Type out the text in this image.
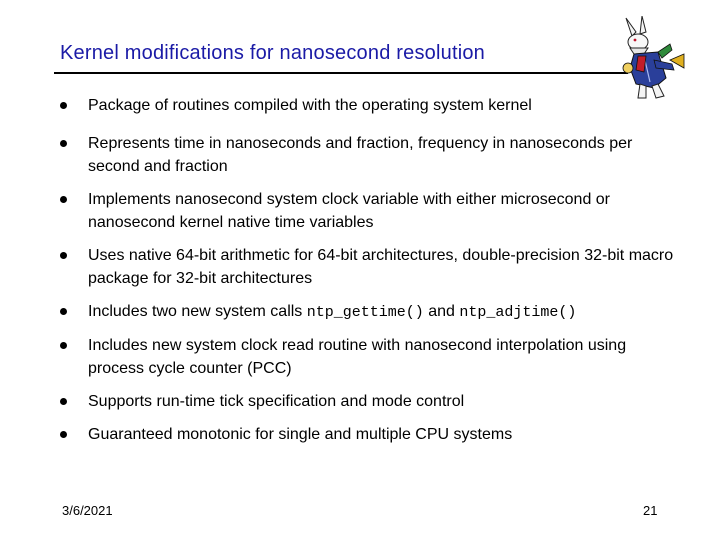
Kernel modifications for nanosecond resolution
Package of routines compiled with the operating system kernel
Represents time in nanoseconds and fraction, frequency in nanoseconds per second and fraction
Implements nanosecond system clock variable with either microsecond or nanosecond kernel native time variables
Uses native 64-bit arithmetic for 64-bit architectures, double-precision 32-bit macro package for 32-bit architectures
Includes two new system calls ntp_gettime() and ntp_adjtime()
Includes new system clock read routine with nanosecond interpolation using process cycle counter (PCC)
Supports run-time tick specification and mode control
Guaranteed monotonic for single and multiple CPU systems
3/6/2021	21
